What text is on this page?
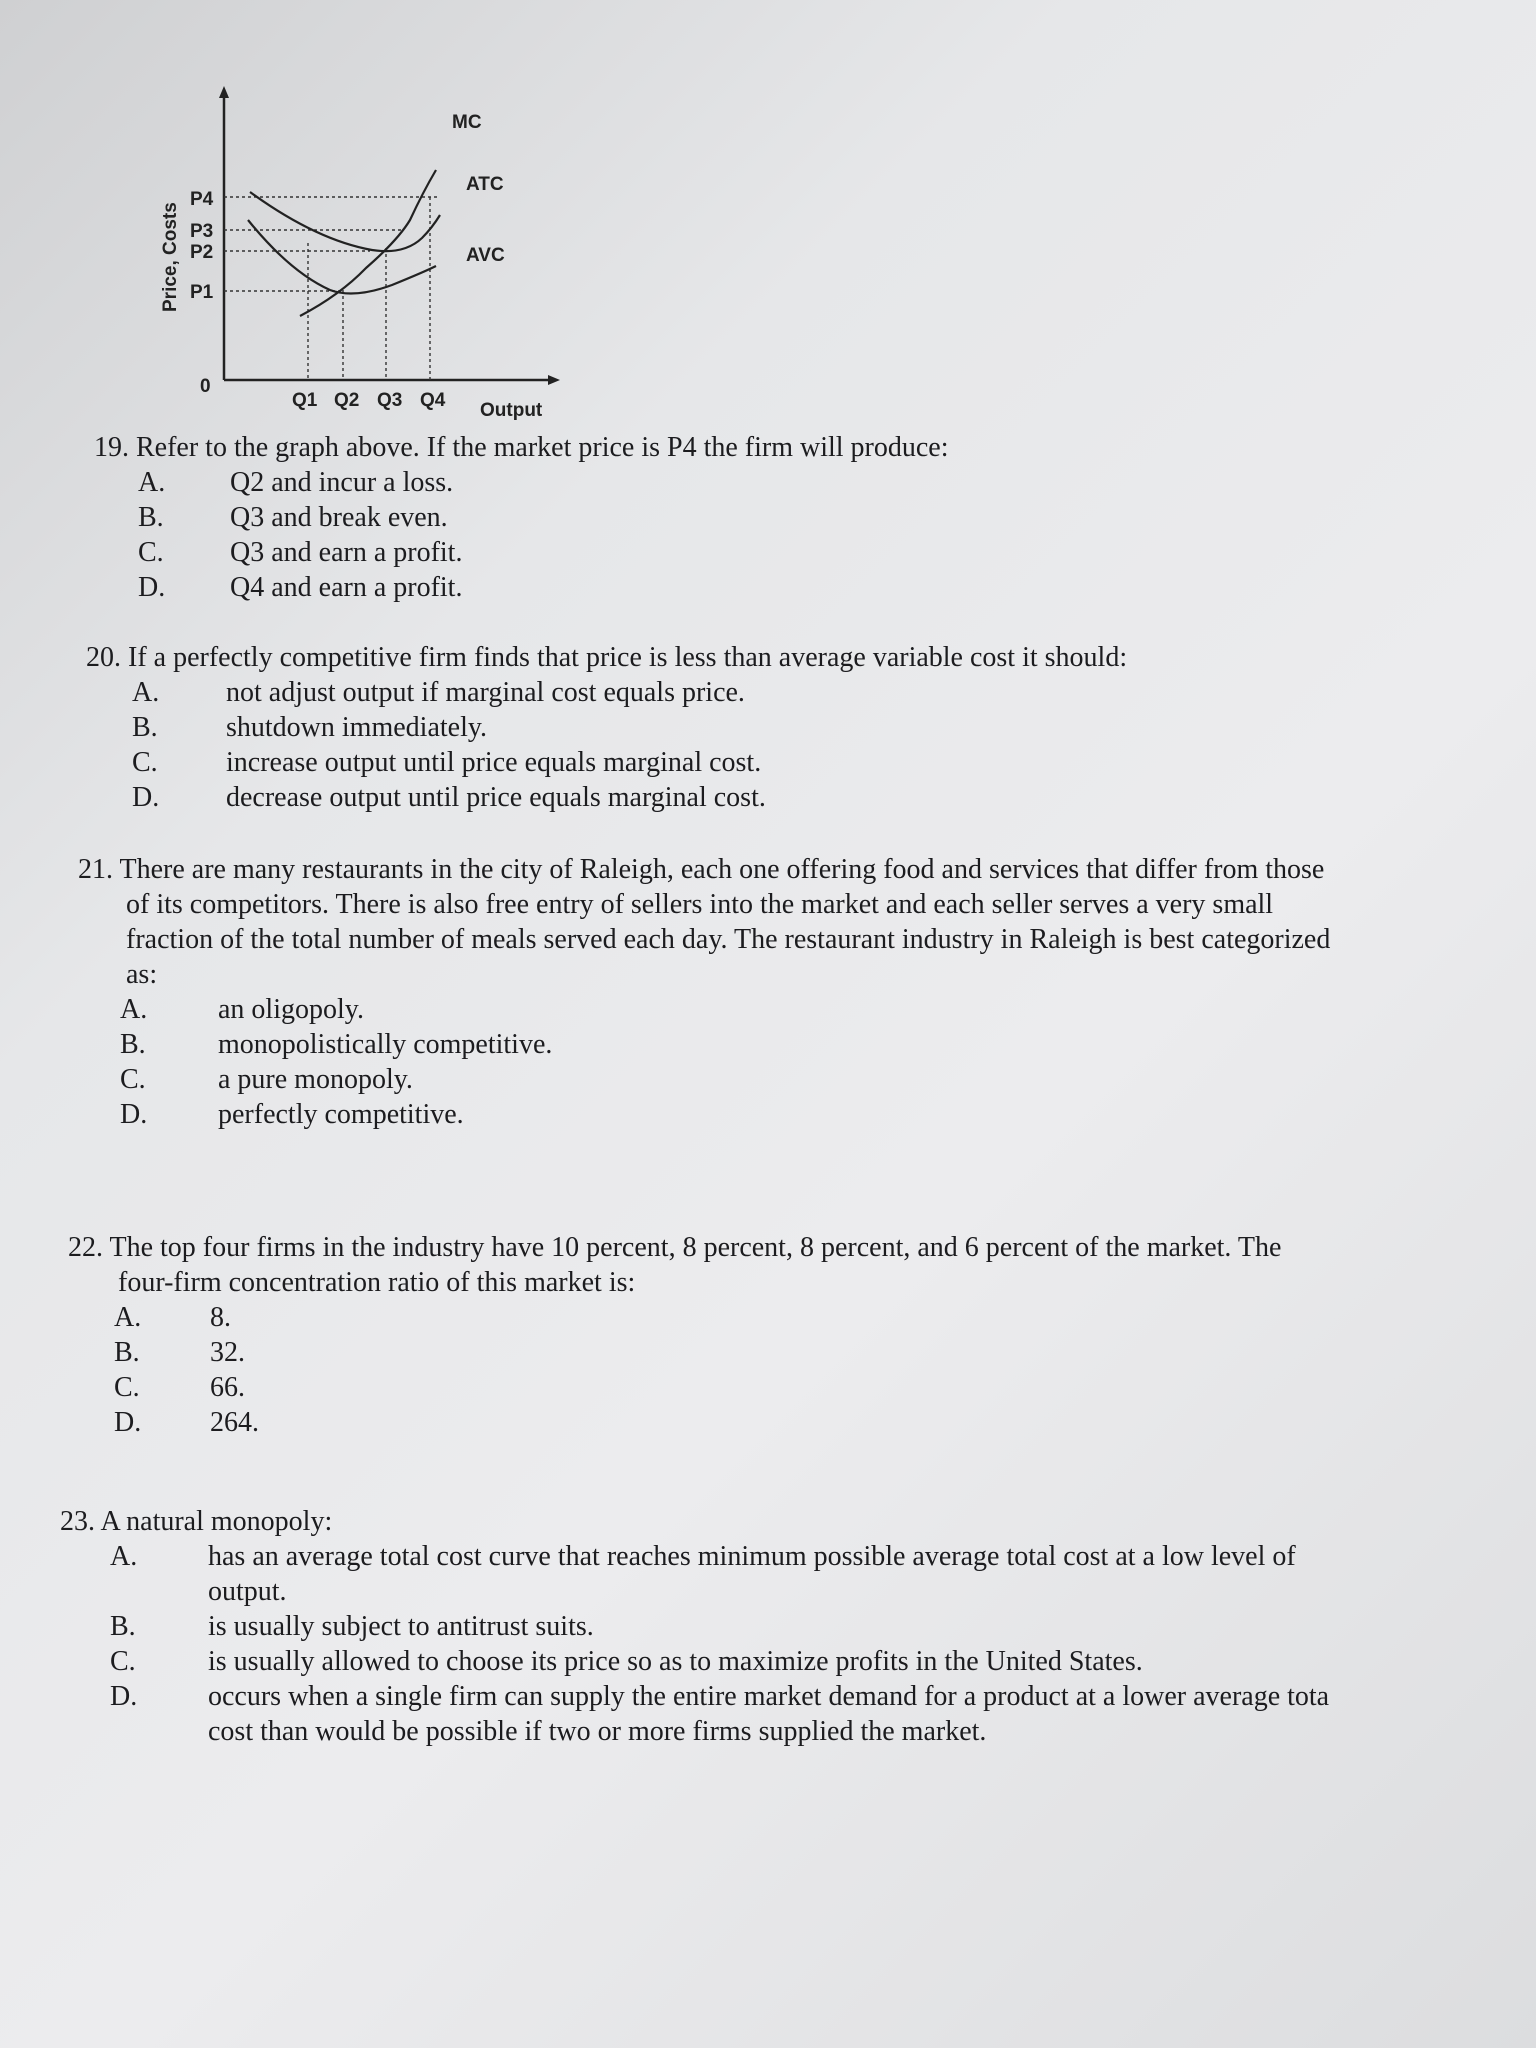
MC
ATC
AVC
P4
P3
P2
P1
0
Q1 Q2 Q3 Q4 Output
Price, Costs
19. Refer to the graph above. If the market price is P4 the firm will produce:
A.	Q2 and incur a loss.
B.	Q3 and break even.
C.	Q3 and earn a profit.
D.	Q4 and earn a profit.
20. If a perfectly competitive firm finds that price is less than average variable cost it should:
A.	not adjust output if marginal cost equals price.
B.	shutdown immediately.
C.	increase output until price equals marginal cost.
D.	decrease output until price equals marginal cost.
21. There are many restaurants in the city of Raleigh, each one offering food and services that differ from those
of its competitors. There is also free entry of sellers into the market and each seller serves a very small
fraction of the total number of meals served each day. The restaurant industry in Raleigh is best categorized
as:
A.	an oligopoly.
B.	monopolistically competitive.
C.	a pure monopoly.
D.	perfectly competitive.
22. The top four firms in the industry have 10 percent, 8 percent, 8 percent, and 6 percent of the market. The
four-firm concentration ratio of this market is:
A.	8.
B.	32.
C.	66.
D.	264.
23. A natural monopoly:
A.	has an average total cost curve that reaches minimum possible average total cost at a low level of
output.
B.	is usually subject to antitrust suits.
C.	is usually allowed to choose its price so as to maximize profits in the United States.
D.	occurs when a single firm can supply the entire market demand for a product at a lower average tota
cost than would be possible if two or more firms supplied the market.
